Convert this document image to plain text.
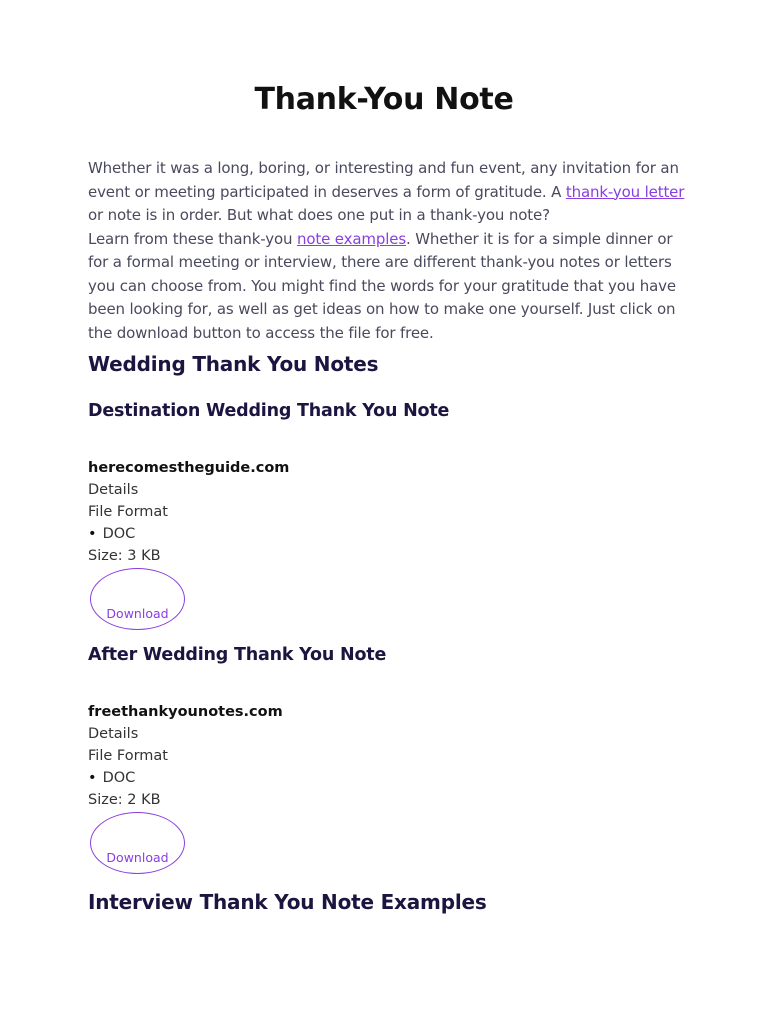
Thank-You Note

Whether it was a long, boring, or interesting and fun event, any invitation for an event or meeting participated in deserves a form of gratitude. A thank-you letter or note is in order. But what does one put in a thank-you note?

Learn from these thank-you note examples. Whether it is for a simple dinner or for a formal meeting or interview, there are different thank-you notes or letters you can choose from. You might find the words for your gratitude that you have been looking for, as well as get ideas on how to make one yourself. Just click on the download button to access the file for free.

Wedding Thank You Notes
Destination Wedding Thank You Note
herecomestheguide.com
Details
File Format
• DOC
Size: 3 KB
Download
After Wedding Thank You Note
freethankyounotes.com
Details
File Format
• DOC
Size: 2 KB
Download
Interview Thank You Note Examples
